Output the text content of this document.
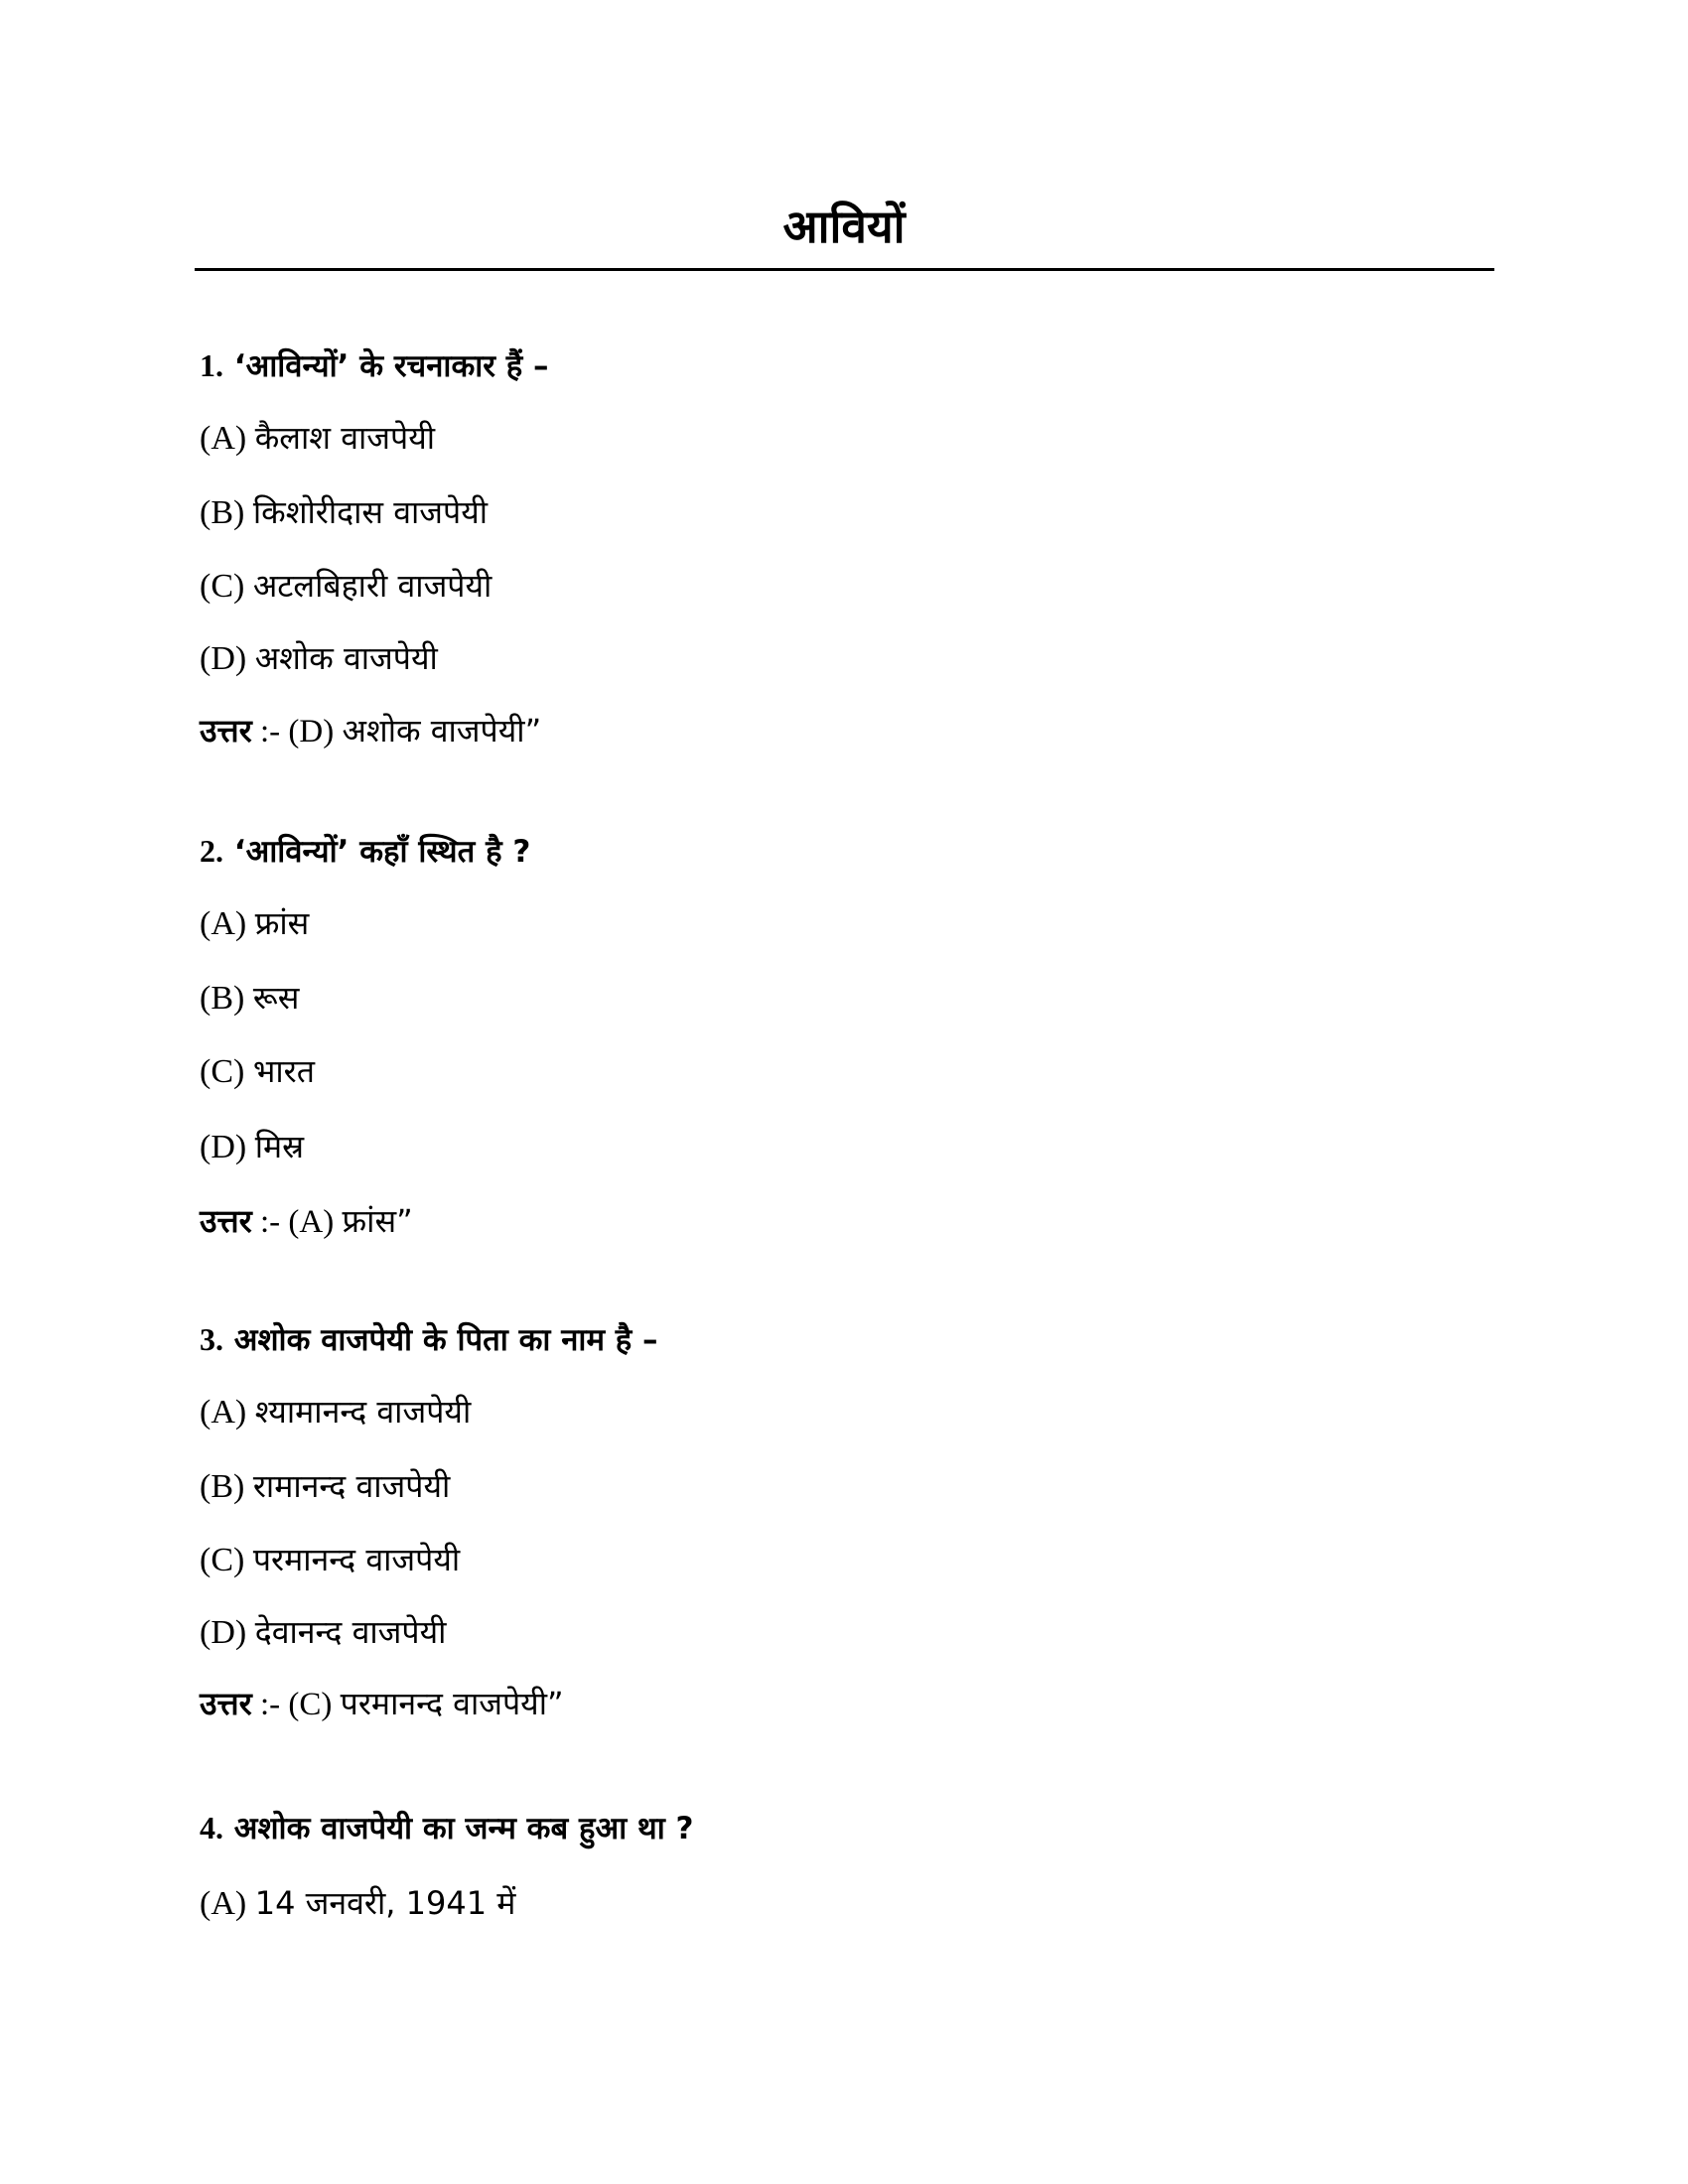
आवियों

1. ‘आविन्यों’ के रचनाकार हैं –

(A) कैलाश वाजपेयी

(B) किशोरीदास वाजपेयी

(C) अटलबिहारी वाजपेयी

(D) अशोक वाजपेयी

उत्तर :- (D) अशोक वाजपेयी”

2. ‘आविन्यों’ कहाँ स्थित है ?

(A) फ्रांस

(B) रूस

(C) भारत

(D) मिस्र

उत्तर :- (A) फ्रांस”

3. अशोक वाजपेयी के पिता का नाम है –

(A) श्यामानन्द वाजपेयी

(B) रामानन्द वाजपेयी

(C) परमानन्द वाजपेयी

(D) देवानन्द वाजपेयी

उत्तर :- (C) परमानन्द वाजपेयी”

4. अशोक वाजपेयी का जन्म कब हुआ था ?

(A) 14 जनवरी, 1941 में
